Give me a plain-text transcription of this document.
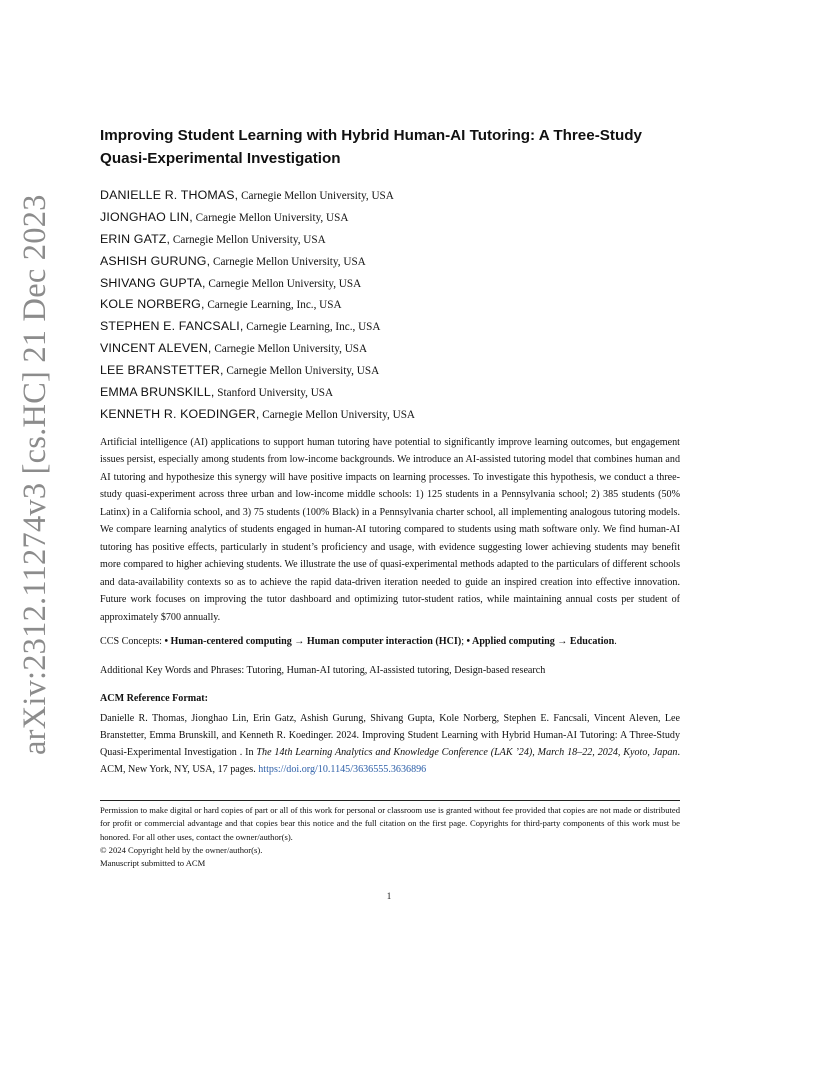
arXiv:2312.11274v3 [cs.HC] 21 Dec 2023
Improving Student Learning with Hybrid Human-AI Tutoring: A Three-Study Quasi-Experimental Investigation
DANIELLE R. THOMAS, Carnegie Mellon University, USA
JIONGHAO LIN, Carnegie Mellon University, USA
ERIN GATZ, Carnegie Mellon University, USA
ASHISH GURUNG, Carnegie Mellon University, USA
SHIVANG GUPTA, Carnegie Mellon University, USA
KOLE NORBERG, Carnegie Learning, Inc., USA
STEPHEN E. FANCSALI, Carnegie Learning, Inc., USA
VINCENT ALEVEN, Carnegie Mellon University, USA
LEE BRANSTETTER, Carnegie Mellon University, USA
EMMA BRUNSKILL, Stanford University, USA
KENNETH R. KOEDINGER, Carnegie Mellon University, USA

Artificial intelligence (AI) applications to support human tutoring have potential to significantly improve learning outcomes, but engagement issues persist, especially among students from low-income backgrounds. We introduce an AI-assisted tutoring model that combines human and AI tutoring and hypothesize this synergy will have positive impacts on learning processes. To investigate this hypothesis, we conduct a three-study quasi-experiment across three urban and low-income middle schools: 1) 125 students in a Pennsylvania school; 2) 385 students (50% Latinx) in a California school, and 3) 75 students (100% Black) in a Pennsylvania charter school, all implementing analogous tutoring models. We compare learning analytics of students engaged in human-AI tutoring compared to students using math software only. We find human-AI tutoring has positive effects, particularly in student’s proficiency and usage, with evidence suggesting lower achieving students may benefit more compared to higher achieving students. We illustrate the use of quasi-experimental methods adapted to the particulars of different schools and data-availability contexts so as to achieve the rapid data-driven iteration needed to guide an inspired creation into effective innovation. Future work focuses on improving the tutor dashboard and optimizing tutor-student ratios, while maintaining annual costs per student of approximately $700 annually.

CCS Concepts: • Human-centered computing → Human computer interaction (HCI); • Applied computing → Education.
Additional Key Words and Phrases: Tutoring, Human-AI tutoring, AI-assisted tutoring, Design-based research
ACM Reference Format:
Danielle R. Thomas, Jionghao Lin, Erin Gatz, Ashish Gurung, Shivang Gupta, Kole Norberg, Stephen E. Fancsali, Vincent Aleven, Lee Branstetter, Emma Brunskill, and Kenneth R. Koedinger. 2024. Improving Student Learning with Hybrid Human-AI Tutoring: A Three-Study Quasi-Experimental Investigation . In The 14th Learning Analytics and Knowledge Conference (LAK ’24), March 18–22, 2024, Kyoto, Japan. ACM, New York, NY, USA, 17 pages. https://doi.org/10.1145/3636555.3636896

Permission to make digital or hard copies of part or all of this work for personal or classroom use is granted without fee provided that copies are not made or distributed for profit or commercial advantage and that copies bear this notice and the full citation on the first page. Copyrights for third-party components of this work must be honored. For all other uses, contact the owner/author(s).

© 2024 Copyright held by the owner/author(s).

Manuscript submitted to ACM

1
